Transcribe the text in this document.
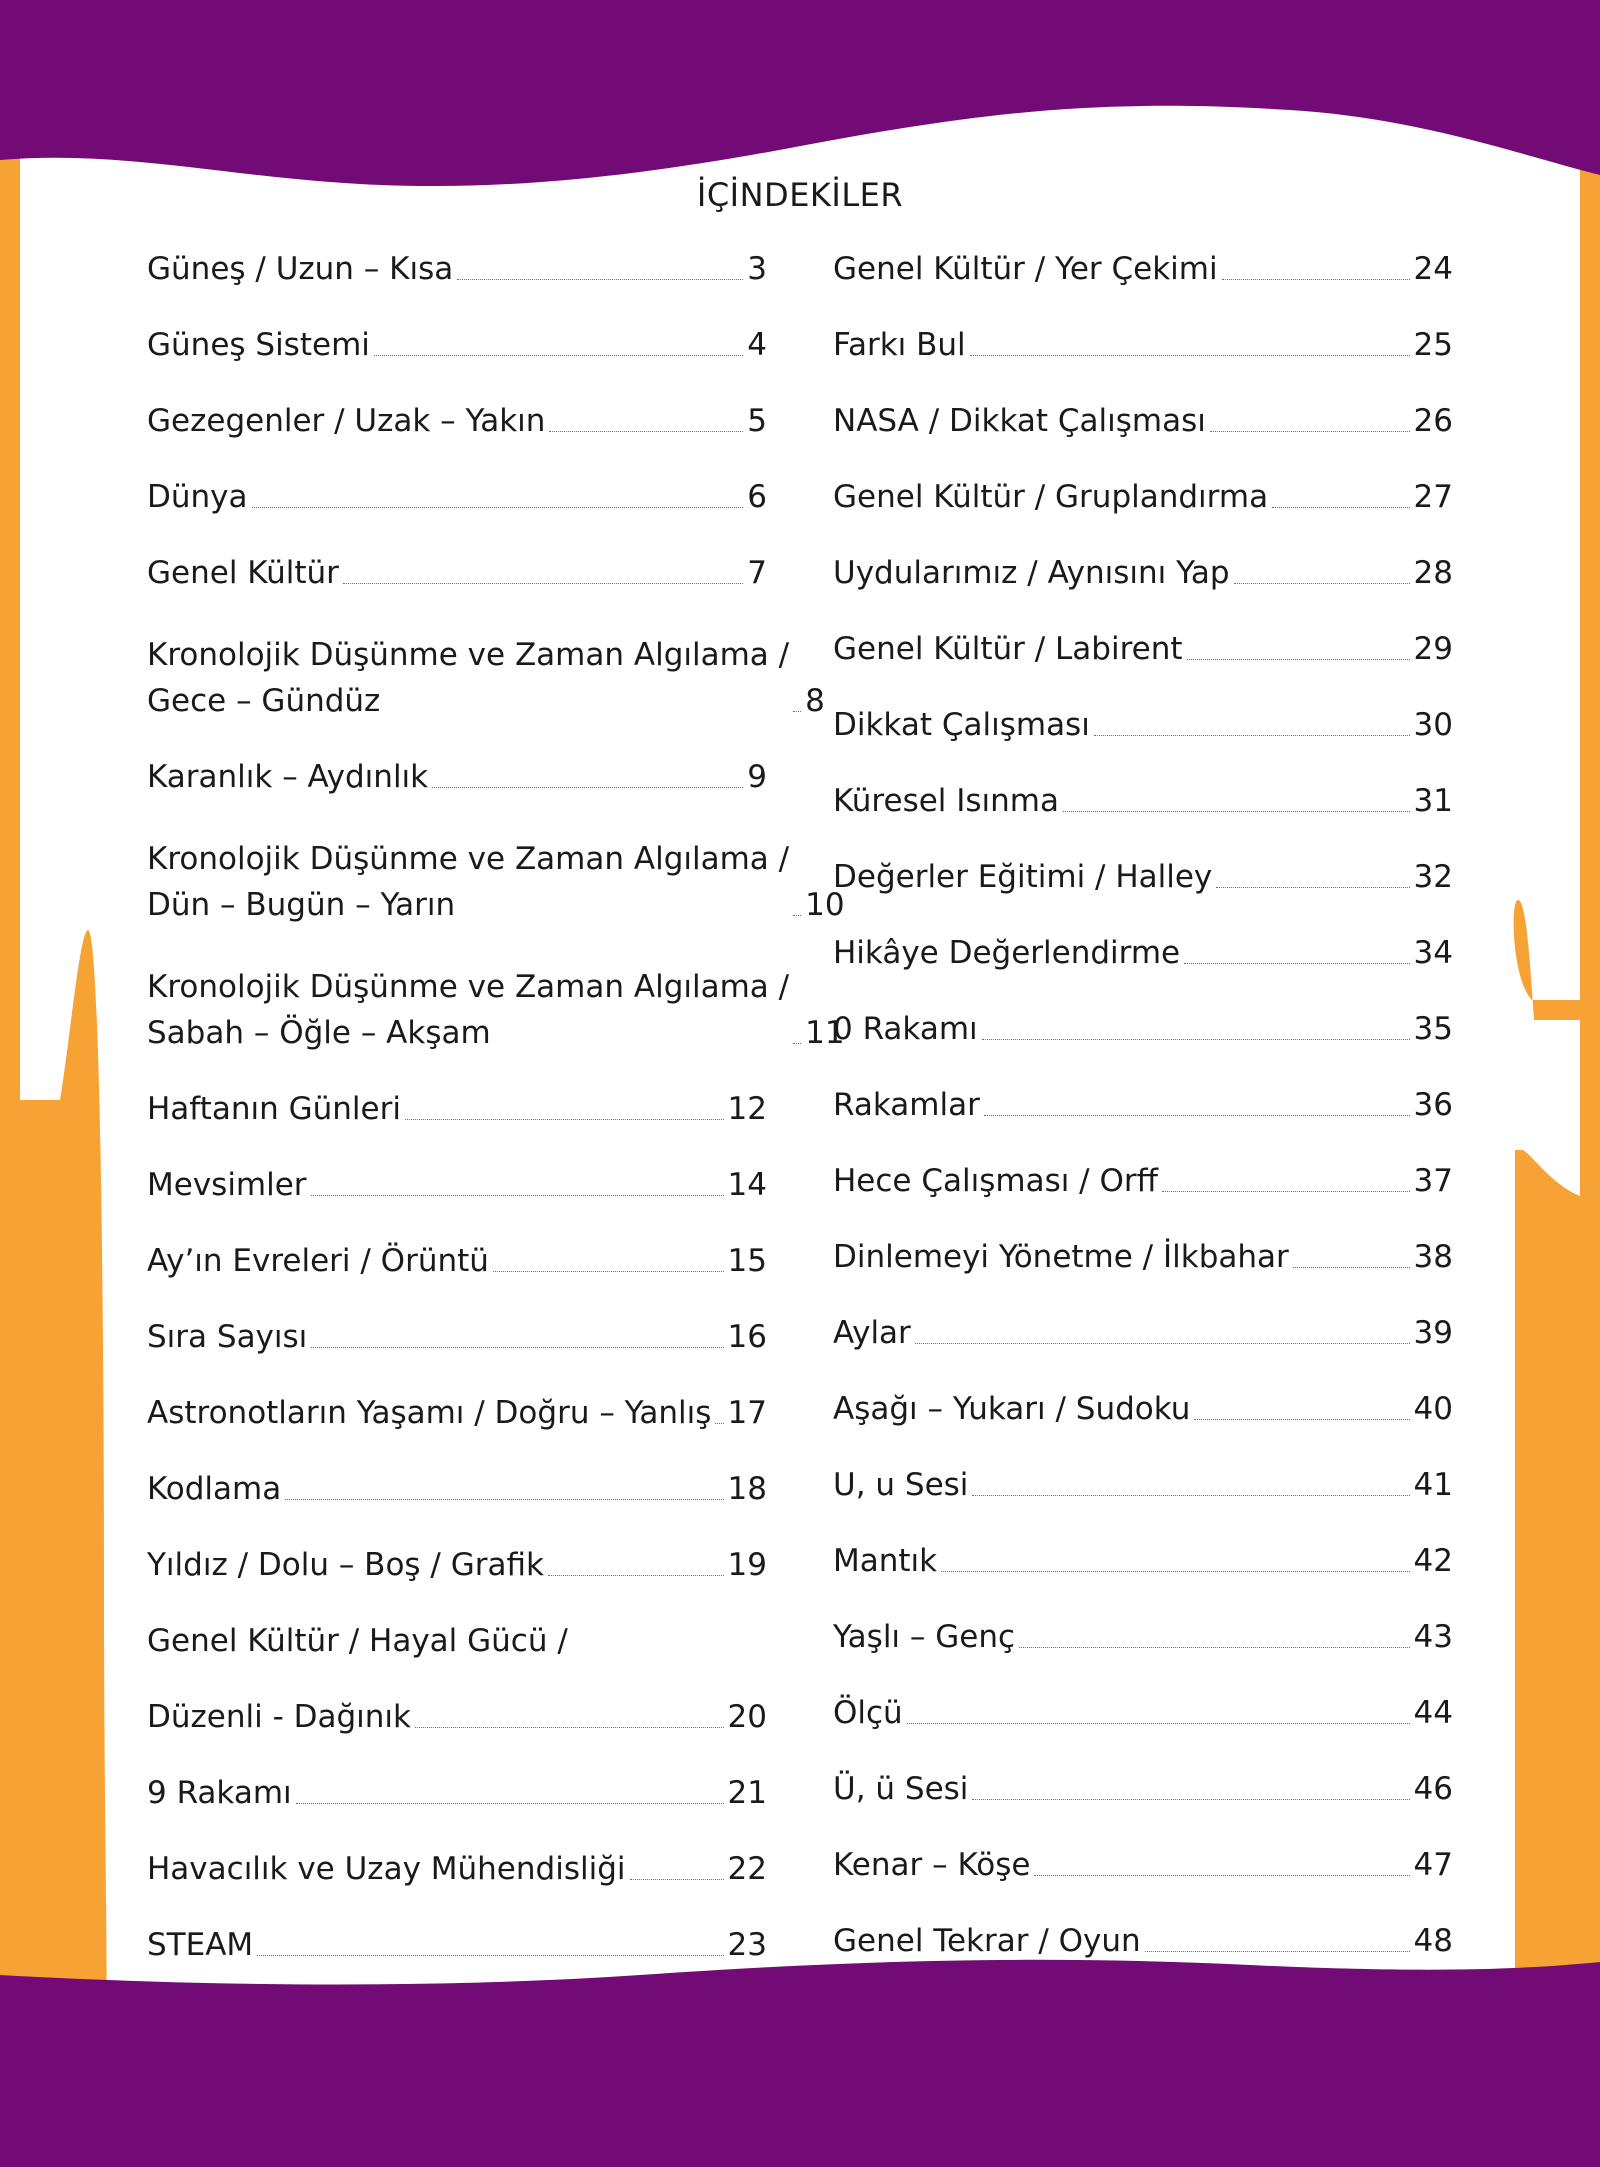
İÇİNDEKİLER
Güneş / Uzun – Kısa	3
Güneş Sistemi	4
Gezegenler / Uzak – Yakın	5
Dünya	6
Genel Kültür	7
Kronolojik Düşünme ve Zaman Algılama /
Gece – Gündüz	8
Karanlık – Aydınlık	9
Kronolojik Düşünme ve Zaman Algılama /
Dün – Bugün – Yarın	10
Kronolojik Düşünme ve Zaman Algılama /
Sabah – Öğle – Akşam	11
Haftanın Günleri	12
Mevsimler	14
Ay’ın Evreleri / Örüntü	15
Sıra Sayısı	16
Astronotların Yaşamı / Doğru – Yanlış 17
Kodlama	18
Yıldız / Dolu – Boş / Grafik	19
Genel Kültür / Hayal Gücü /
Düzenli - Dağınık	20
9 Rakamı	21
Havacılık ve Uzay Mühendisliği	22
STEAM	23
Genel Kültür / Yer Çekimi	24
Farkı Bul	25
NASA / Dikkat Çalışması	26
Genel Kültür / Gruplandırma	27
Uydularımız / Aynısını Yap	28
Genel Kültür / Labirent	29
Dikkat Çalışması	30
Küresel Isınma	31
Değerler Eğitimi / Halley	32
Hikâye Değerlendirme	34
0 Rakamı	35
Rakamlar	36
Hece Çalışması / Orff	37
Dinlemeyi Yönetme / İlkbahar	38
Aylar	39
Aşağı – Yukarı / Sudoku	40
U, u Sesi	41
Mantık	42
Yaşlı – Genç	43
Ölçü	44
Ü, ü Sesi	46
Kenar – Köşe	47
Genel Tekrar / Oyun	48
